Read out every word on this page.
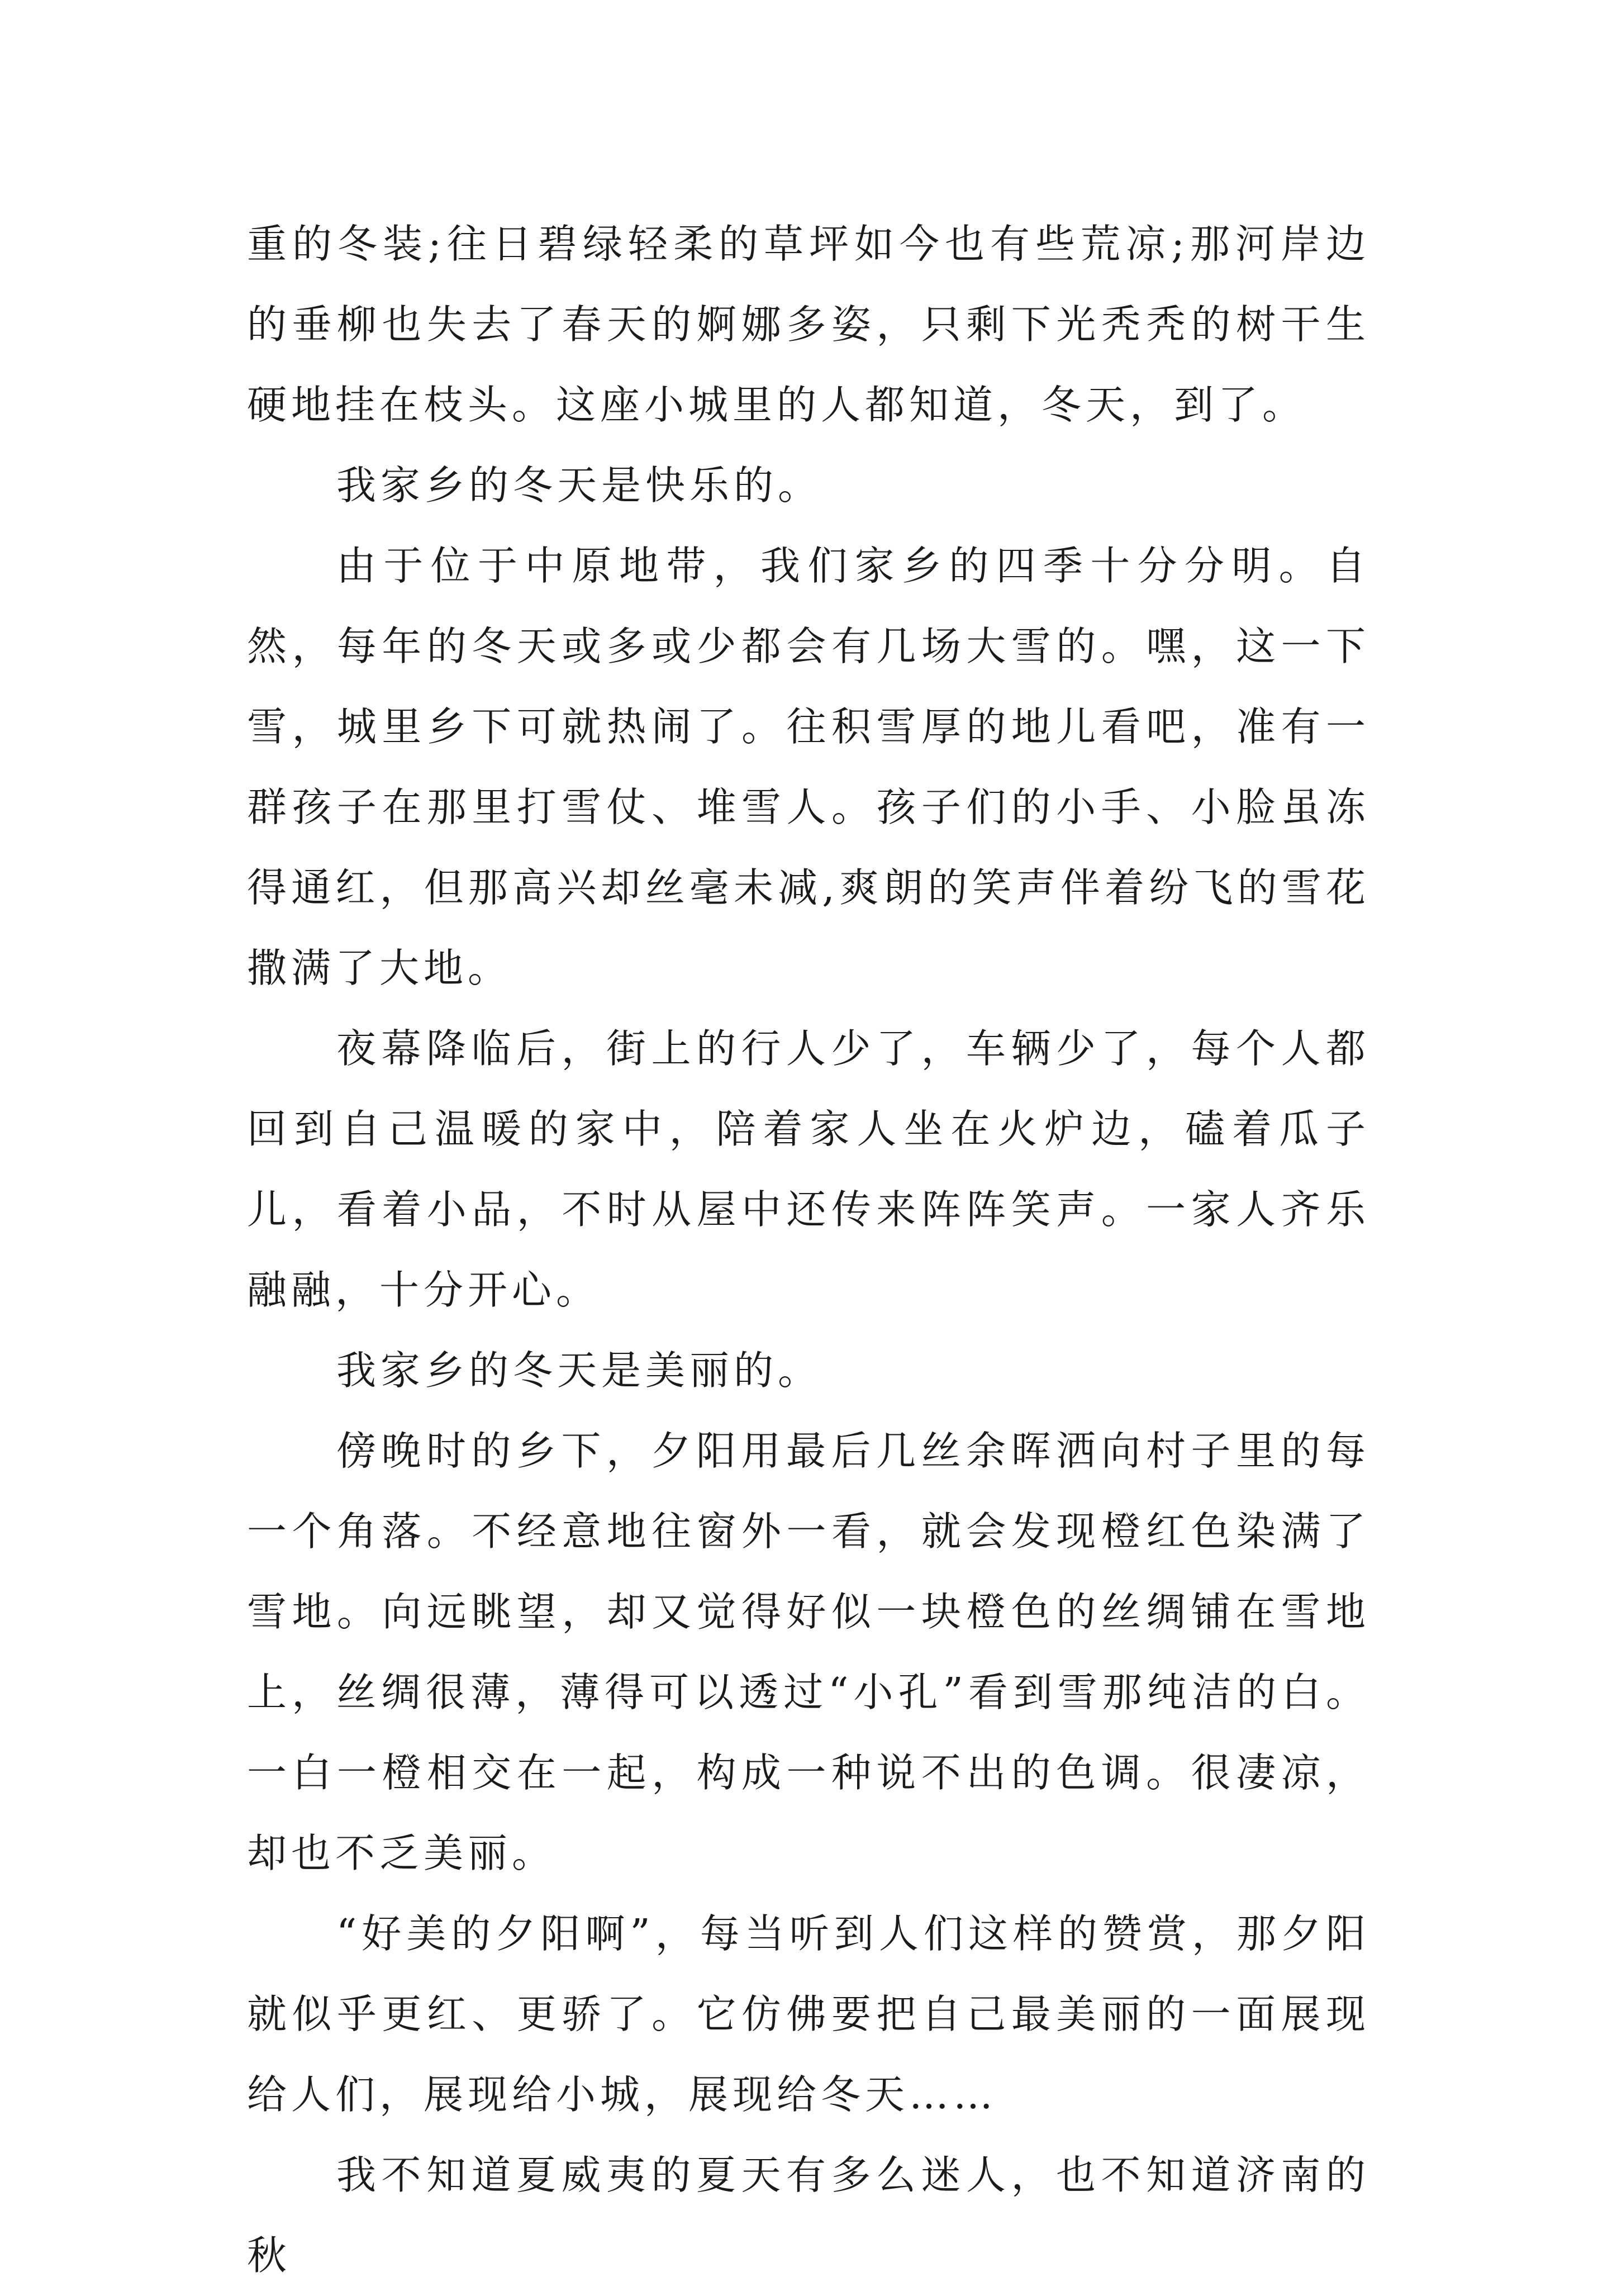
重的冬装;往日碧绿轻柔的草坪如今也有些荒凉;那河岸边的垂柳也失去了春天的婀娜多姿，只剩下光秃秃的树干生硬地挂在枝头。这座小城里的人都知道，冬天，到了。

我家乡的冬天是快乐的。

由于位于中原地带，我们家乡的四季十分分明。自然，每年的冬天或多或少都会有几场大雪的。嘿，这一下雪，城里乡下可就热闹了。往积雪厚的地儿看吧，准有一群孩子在那里打雪仗、堆雪人。孩子们的小手、小脸虽冻得通红，但那高兴却丝毫未减,爽朗的笑声伴着纷飞的雪花撒满了大地。

夜幕降临后，街上的行人少了，车辆少了，每个人都回到自己温暖的家中，陪着家人坐在火炉边，磕着瓜子儿，看着小品，不时从屋中还传来阵阵笑声。一家人齐乐融融，十分开心。

我家乡的冬天是美丽的。

傍晚时的乡下，夕阳用最后几丝余晖洒向村子里的每一个角落。不经意地往窗外一看，就会发现橙红色染满了雪地。向远眺望，却又觉得好似一块橙色的丝绸铺在雪地上，丝绸很薄，薄得可以透过“小孔”看到雪那纯洁的白。一白一橙相交在一起，构成一种说不出的色调。很凄凉，却也不乏美丽。

“好美的夕阳啊”，每当听到人们这样的赞赏，那夕阳就似乎更红、更骄了。它仿佛要把自己最美丽的一面展现给人们，展现给小城，展现给冬天……

我不知道夏威夷的夏天有多么迷人，也不知道济南的秋
